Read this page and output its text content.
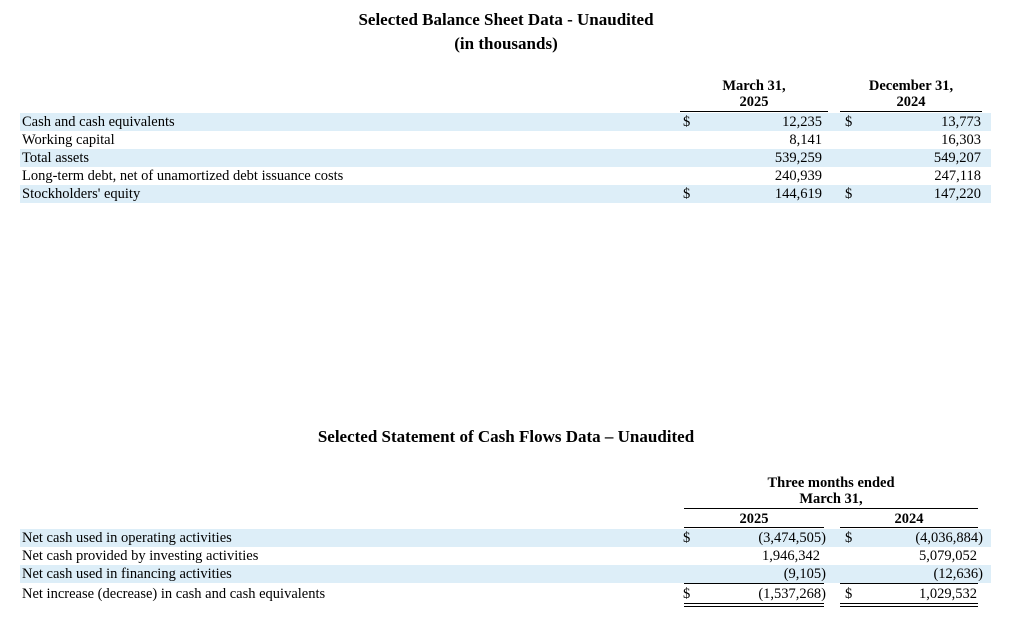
Selected Balance Sheet Data - Unaudited
(in thousands)
March 31,
2025
December 31,
2024
Cash and cash equivalents	$	12,235 $	13,773
Working capital	8,141	16,303
Total assets	539,259	549,207
Long-term debt, net of unamortized debt issuance costs	240,939	247,118
Stockholders' equity	$	144,619 $	147,220
Selected Statement of Cash Flows Data – Unaudited
Three months ended
March 31,
2025	2024
Net cash used in operating activities	$	(3,474,505) $	(4,036,884)
Net cash provided by investing activities	1,946,342	5,079,052
Net cash used in financing activities	(9,105)	(12,636)
Net increase (decrease) in cash and cash equivalents	$	(1,537,268) $	1,029,532
